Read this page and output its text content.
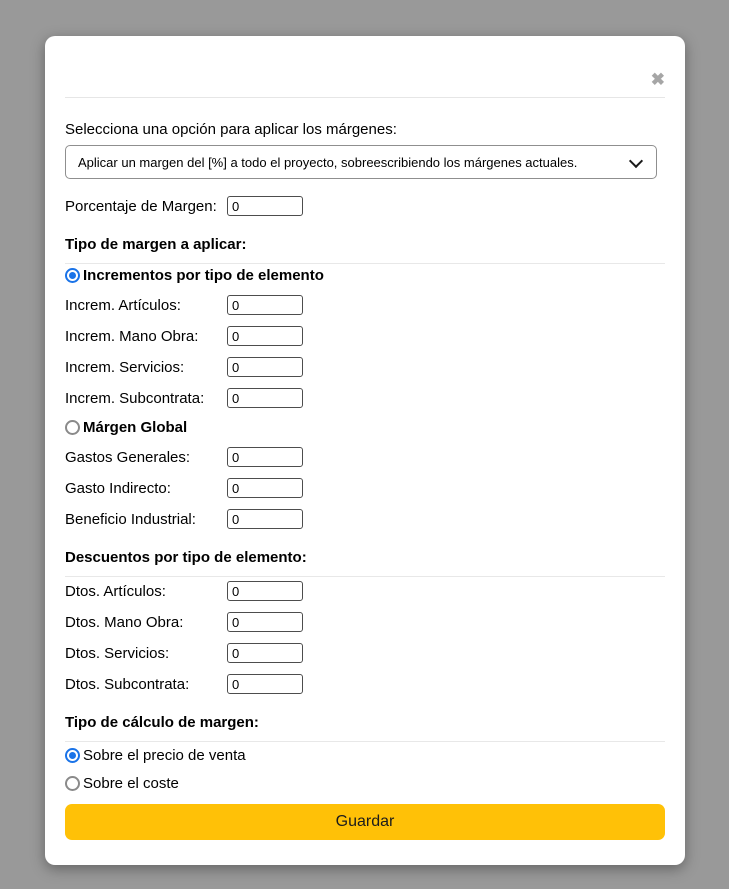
✖
Selecciona una opción para aplicar los márgenes:
Aplicar un margen del [%] a todo el proyecto, sobreescribiendo los márgenes actuales.
Porcentaje de Margen:
0
Tipo de margen a aplicar:
Incrementos por tipo de elemento
Increm. Artículos:
0
Increm. Mano Obra:
0
Increm. Servicios:
0
Increm. Subcontrata:
0
Márgen Global
Gastos Generales:
0
Gasto Indirecto:
0
Beneficio Industrial:
0
Descuentos por tipo de elemento:
Dtos. Artículos:
0
Dtos. Mano Obra:
0
Dtos. Servicios:
0
Dtos. Subcontrata:
0
Tipo de cálculo de margen:
Sobre el precio de venta
Sobre el coste
Guardar
